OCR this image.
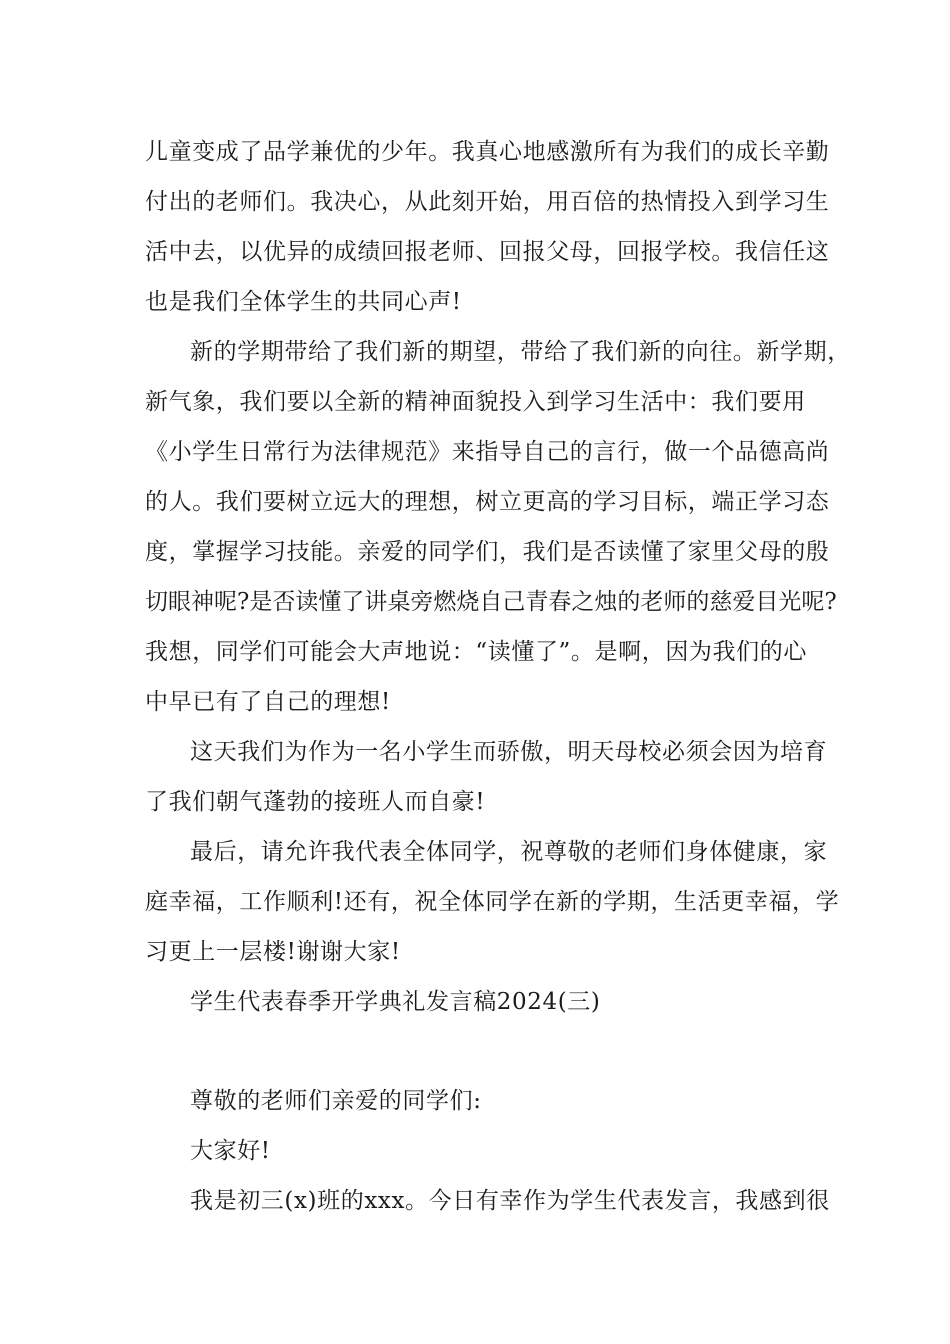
儿童变成了品学兼优的少年。我真心地感激所有为我们的成长辛勤
付出的老师们。我决心，从此刻开始，用百倍的热情投入到学习生
活中去，以优异的成绩回报老师、回报父母，回报学校。我信任这
也是我们全体学生的共同心声!
新的学期带给了我们新的期望，带给了我们新的向往。新学期，
新气象，我们要以全新的精神面貌投入到学习生活中：我们要用
《小学生日常行为法律规范》来指导自己的言行，做一个品德高尚
的人。我们要树立远大的理想，树立更高的学习目标，端正学习态
度，掌握学习技能。亲爱的同学们，我们是否读懂了家里父母的殷
切眼神呢?是否读懂了讲桌旁燃烧自己青春之烛的老师的慈爱目光呢?
我想，同学们可能会大声地说：“读懂了”。是啊，因为我们的心
中早已有了自己的理想!
这天我们为作为一名小学生而骄傲，明天母校必须会因为培育
了我们朝气蓬勃的接班人而自豪!
最后，请允许我代表全体同学，祝尊敬的老师们身体健康，家
庭幸福，工作顺利!还有，祝全体同学在新的学期，生活更幸福，学
习更上一层楼!谢谢大家!
学生代表春季开学典礼发言稿2024(三)
尊敬的老师们亲爱的同学们:
大家好!
我是初三(x)班的xxx。今日有幸作为学生代表发言，我感到很
